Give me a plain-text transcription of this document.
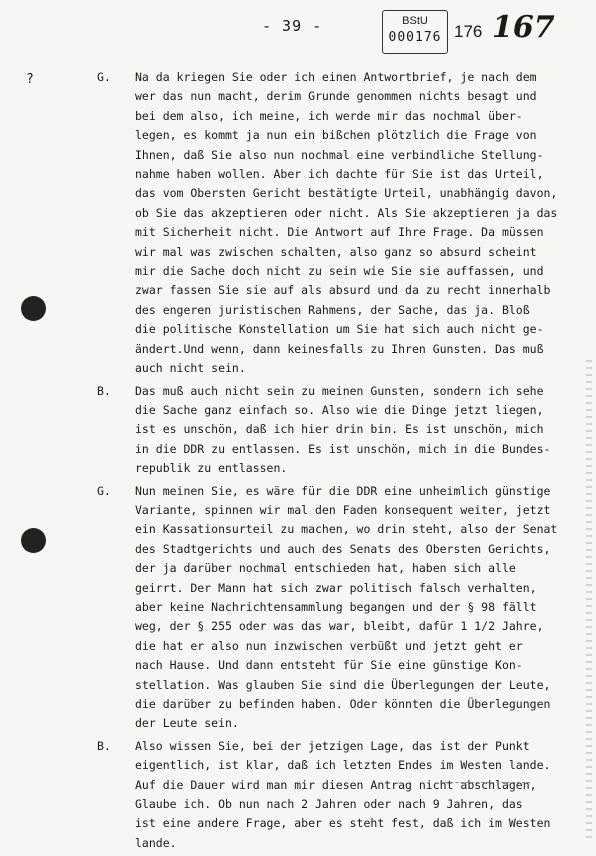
- 39 -	BStU
000176 176 167
?	G. Na da kriegen Sie oder ich einen Antwortbrief, je nach dem
wer das nun macht, derim Grunde genommen nichts besagt und
bei dem also, ich meine, ich werde mir das nochmal über-
legen, es kommt ja nun ein bißchen plötzlich die Frage von
Ihnen, daß Sie also nun nochmal eine verbindliche Stellung-
nahme haben wollen. Aber ich dachte für Sie ist das Urteil,
das vom Obersten Gericht bestätigte Urteil, unabhängig davon,
ob Sie das akzeptieren oder nicht. Als Sie akzeptieren ja das
mit Sicherheit nicht. Die Antwort auf Ihre Frage. Da müssen
wir mal was zwischen schalten, also ganz so absurd scheint
mir die Sache doch nicht zu sein wie Sie sie auffassen, und
zwar fassen Sie sie auf als absurd und da zu recht innerhalb
des engeren juristischen Rahmens, der Sache, das ja. Bloß
die politische Konstellation um Sie hat sich auch nicht ge-
ändert.Und wenn, dann keinesfalls zu Ihren Gunsten. Das muß
auch nicht sein.
B. Das muß auch nicht sein zu meinen Gunsten, sondern ich sehe
die Sache ganz einfach so. Also wie die Dinge jetzt liegen,
ist es unschön, daß ich hier drin bin. Es ist unschön, mich
in die DDR zu entlassen. Es ist unschön, mich in die Bundes-
republik zu entlassen.
G. Nun meinen Sie, es wäre für die DDR eine unheimlich günstige
Variante, spinnen wir mal den Faden konsequent weiter, jetzt
ein Kassationsurteil zu machen, wo drin steht, also der Senat
des Stadtgerichts und auch des Senats des Obersten Gerichts,
der ja darüber nochmal entschieden hat, haben sich alle
geirrt. Der Mann hat sich zwar politisch falsch verhalten,
aber keine Nachrichtensammlung begangen und der § 98 fällt
weg, der § 255 oder was das war, bleibt, dafür 1 1/2 Jahre,
die hat er also nun inzwischen verbüßt und jetzt geht er
nach Hause. Und dann entsteht für Sie eine günstige Kon-
stellation. Was glauben Sie sind die Überlegungen der Leute,
die darüber zu befinden haben. Oder könnten die Überlegungen
der Leute sein.
B. Also wissen Sie, bei der jetzigen Lage, das ist der Punkt
eigentlich, ist klar, daß ich letzten Endes im Westen lande.
Auf die Dauer wird man mir diesen Antrag nicht abschlagen,
Glaube ich. Ob nun nach 2 Jahren oder nach 9 Jahren, das
ist eine andere Frage, aber es steht fest, daß ich im Westen
lande.
